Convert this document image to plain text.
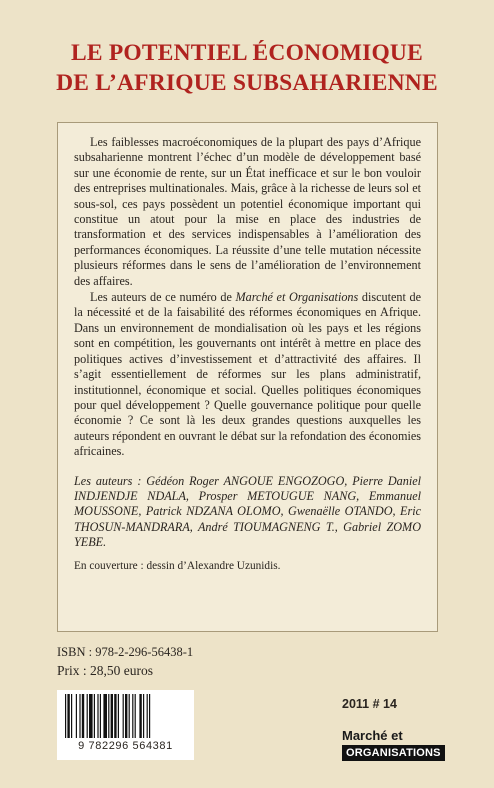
LE POTENTIEL ÉCONOMIQUE
DE L’AFRIQUE SUBSAHARIENNE

Les faiblesses macroéconomiques de la plupart des pays d’Afrique subsaharienne montrent l’échec d’un modèle de développement basé sur une économie de rente, sur un État inefficace et sur le bon vouloir des entreprises multinationales. Mais, grâce à la richesse de leurs sol et sous-sol, ces pays possèdent un potentiel économique important qui constitue un atout pour la mise en place des industries de transformation et des services indispensables à l’amélioration des performances économiques. La réussite d’une telle mutation nécessite plusieurs réformes dans le sens de l’amélioration de l’environnement des affaires.

Les auteurs de ce numéro de Marché et Organisations discutent de la nécessité et de la faisabilité des réformes économiques en Afrique. Dans un environnement de mondialisation où les pays et les régions sont en compétition, les gouvernants ont intérêt à mettre en place des politiques actives d’investissement et d’attractivité des affaires. Il s’agit essentiellement de réformes sur les plans administratif, institutionnel, économique et social. Quelles politiques économiques pour quel développement ? Quelle gouvernance politique pour quelle économie ? Ce sont là les deux grandes questions auxquelles les auteurs répondent en ouvrant le débat sur la refondation des économies africaines.

Les auteurs : Gédéon Roger ANGOUE ENGOZOGO, Pierre Daniel INDJENDJE NDALA, Prosper METOUGUE NANG, Emmanuel MOUSSONE, Patrick NDZANA OLOMO, Gwenaëlle OTANDO, Eric THOSUN-MANDRARA, André TIOUMAGNENG T., Gabriel ZOMO YEBE.

En couverture : dessin d’Alexandre Uzunidis.

ISBN : 978-2-296-56438-1
Prix : 28,50 euros
9 782296 564381
2011 # 14
Marché et
ORGANISATIONS
